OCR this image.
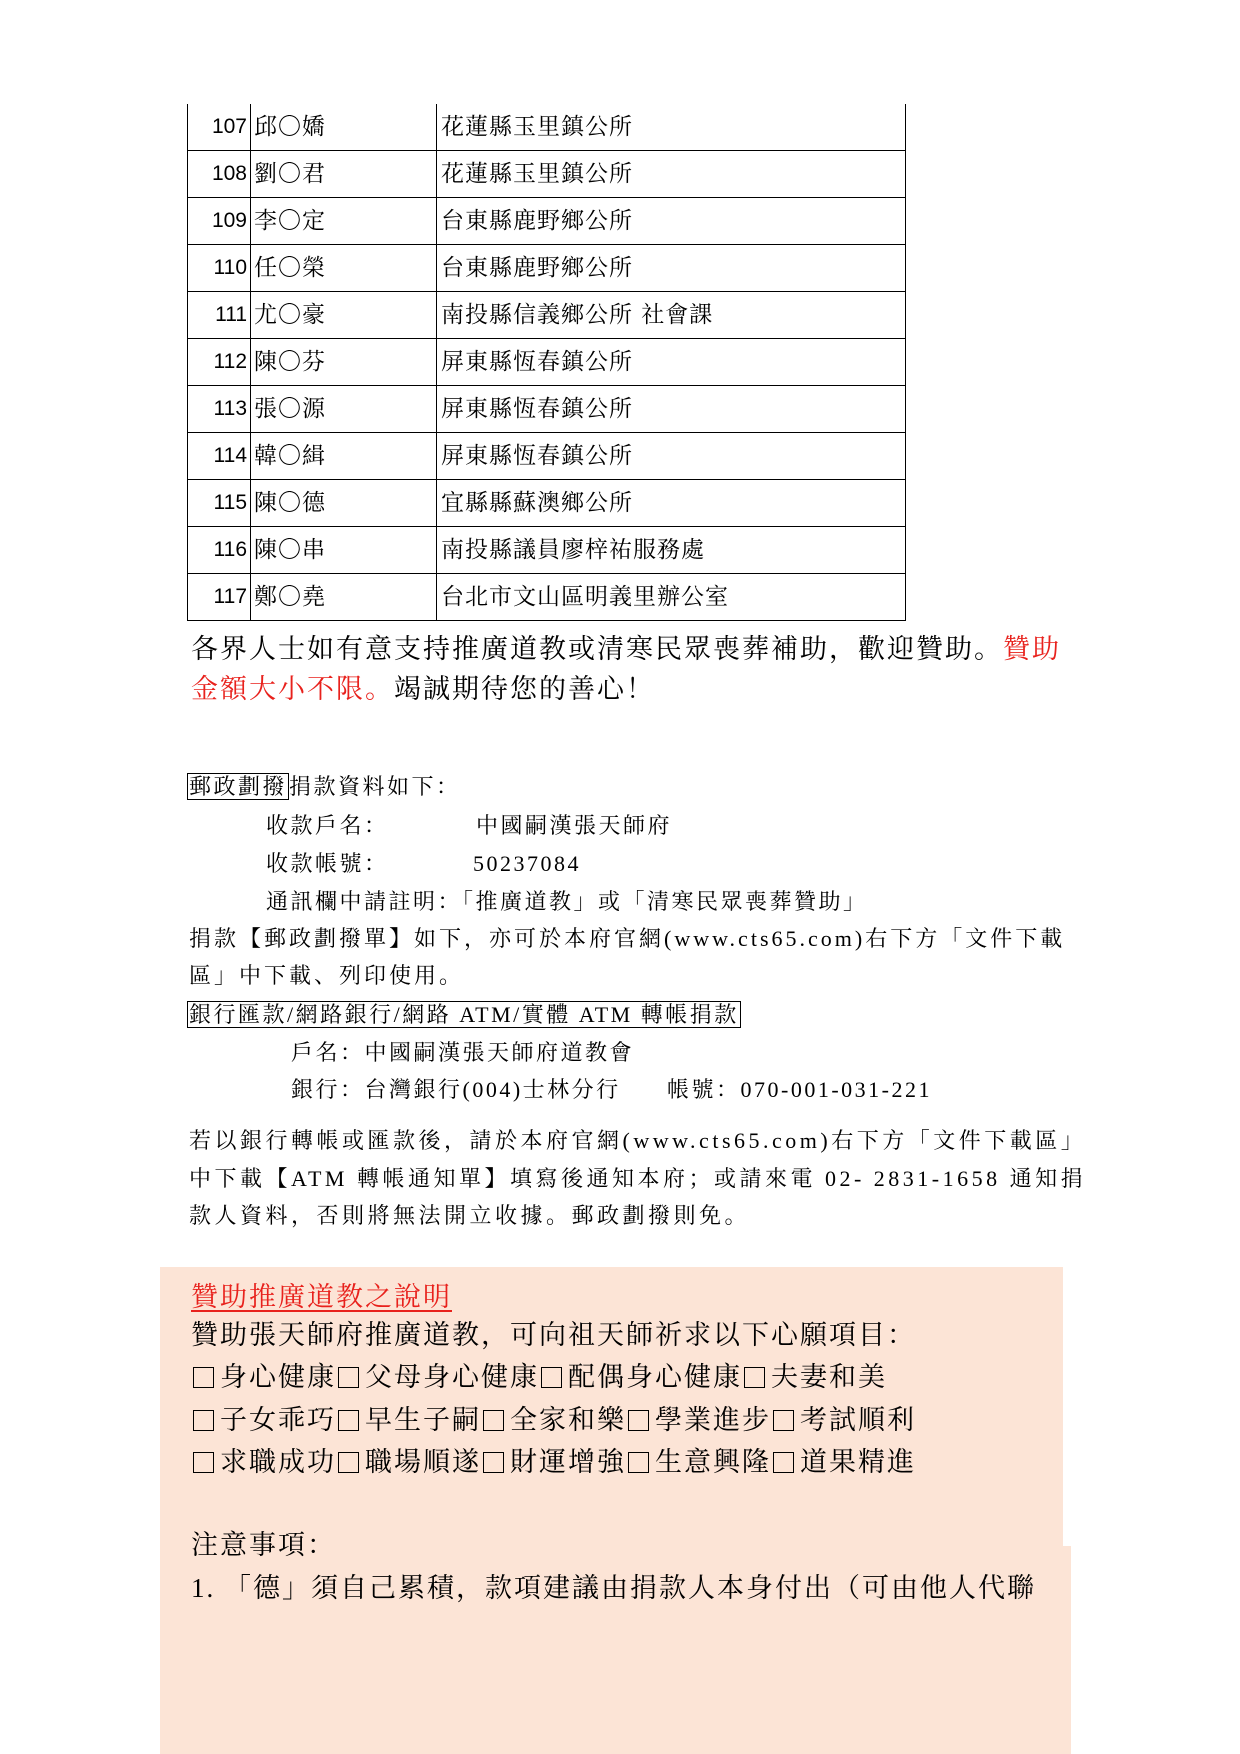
107	邱〇嬌	花蓮縣玉里鎮公所
108	劉〇君	花蓮縣玉里鎮公所
109	李〇定	台東縣鹿野鄉公所
110	任〇榮	台東縣鹿野鄉公所
111	尤〇豪	南投縣信義鄉公所 社會課
112	陳〇芬	屏東縣恆春鎮公所
113	張〇源	屏東縣恆春鎮公所
114	韓〇緝	屏東縣恆春鎮公所
115	陳〇德	宜縣縣蘇澳鄉公所
116	陳〇串	南投縣議員廖梓祐服務處
117	鄭〇堯	台北市文山區明義里辦公室
各界人士如有意支持推廣道教或清寒民眾喪葬補助，歡迎贊助。贊助
金額大小不限。竭誠期待您的善心！
郵政劃撥捐款資料如下：
收款戶名：	中國嗣漢張天師府
收款帳號：	50237084
通訊欄中請註明：「推廣道教」或「清寒民眾喪葬贊助」
捐款【郵政劃撥單】如下，亦可於本府官網(www.cts65.com)右下方「文件下載
區」中下載、列印使用。
銀行匯款/網路銀行/網路 ATM/實體 ATM 轉帳捐款
戶名：中國嗣漢張天師府道教會
銀行：台灣銀行(004)士林分行 帳號：070-001-031-221
若以銀行轉帳或匯款後，請於本府官網(www.cts65.com)右下方「文件下載區」
中下載【ATM 轉帳通知單】填寫後通知本府；或請來電 02- 2831-1658 通知捐
款人資料，否則將無法開立收據。郵政劃撥則免。
贊助推廣道教之說明
贊助張天師府推廣道教，可向祖天師祈求以下心願項目：
身心健康 父母身心健康 配偶身心健康 夫妻和美
子女乖巧 早生子嗣 全家和樂 學業進步 考試順利
求職成功 職場順遂 財運增強 生意興隆 道果精進
注意事項：
1. 「德」須自己累積，款項建議由捐款人本身付出（可由他人代聯
